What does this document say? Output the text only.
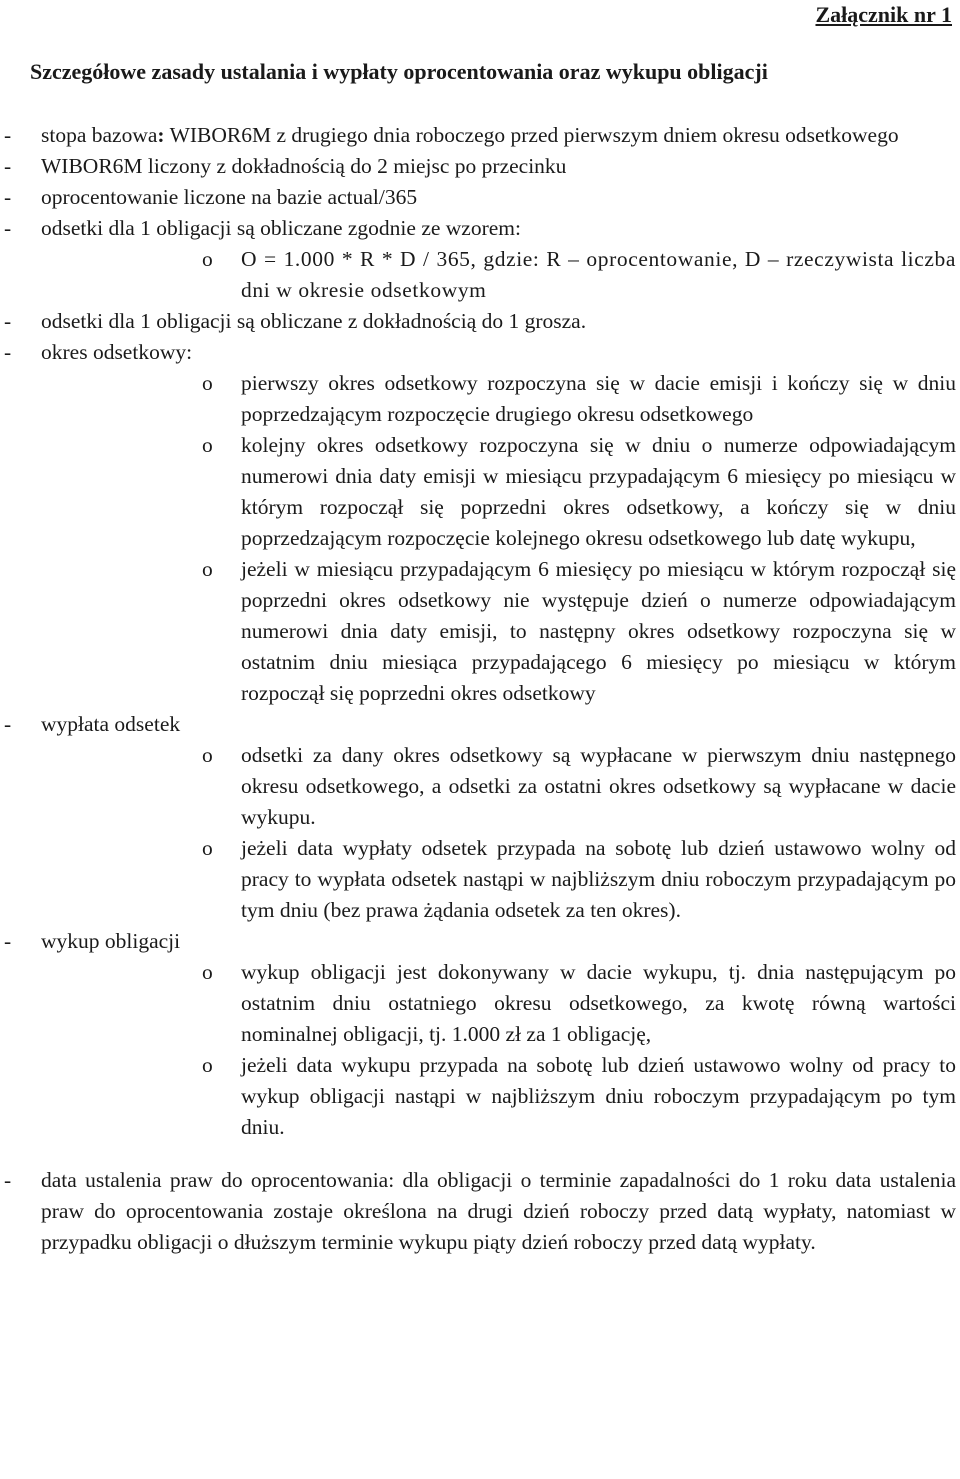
Załącznik nr 1
Szczegółowe zasady ustalania i wypłaty oprocentowania oraz wykupu obligacji
- stopa bazowa: WIBOR6M z drugiego dnia roboczego przed pierwszym dniem okresu odsetkowego
- WIBOR6M liczony z dokładnością do 2 miejsc po przecinku
- oprocentowanie liczone na bazie actual/365
- odsetki dla 1 obligacji są obliczane zgodnie ze wzorem:
o O = 1.000 * R * D / 365, gdzie: R – oprocentowanie, D – rzeczywista liczba dni w okresie odsetkowym
- odsetki dla 1 obligacji są obliczane z dokładnością do 1 grosza.
- okres odsetkowy:
o pierwszy okres odsetkowy rozpoczyna się w dacie emisji i kończy się w dniu poprzedzającym rozpoczęcie drugiego okresu odsetkowego
o kolejny okres odsetkowy rozpoczyna się w dniu o numerze odpowiadającym numerowi dnia daty emisji w miesiącu przypadającym 6 miesięcy po miesiącu w którym rozpoczął się poprzedni okres odsetkowy, a kończy się w dniu poprzedzającym rozpoczęcie kolejnego okresu odsetkowego lub datę wykupu,
o jeżeli w miesiącu przypadającym 6 miesięcy po miesiącu w którym rozpoczął się poprzedni okres odsetkowy nie występuje dzień o numerze odpowiadającym numerowi dnia daty emisji, to następny okres odsetkowy rozpoczyna się w ostatnim dniu miesiąca przypadającego 6 miesięcy po miesiącu w którym rozpoczął się poprzedni okres odsetkowy
- wypłata odsetek
o odsetki za dany okres odsetkowy są wypłacane w pierwszym dniu następnego okresu odsetkowego, a odsetki za ostatni okres odsetkowy są wypłacane w dacie wykupu.
o jeżeli data wypłaty odsetek przypada na sobotę lub dzień ustawowo wolny od pracy to wypłata odsetek nastąpi w najbliższym dniu roboczym przypadającym po tym dniu (bez prawa żądania odsetek za ten okres).
- wykup obligacji
o wykup obligacji jest dokonywany w dacie wykupu, tj. dnia następującym po ostatnim dniu ostatniego okresu odsetkowego, za kwotę równą wartości nominalnej obligacji, tj. 1.000 zł za 1 obligację,
o jeżeli data wykupu przypada na sobotę lub dzień ustawowo wolny od pracy to wykup obligacji nastąpi w najbliższym dniu roboczym przypadającym po tym dniu.
- data ustalenia praw do oprocentowania: dla obligacji o terminie zapadalności do 1 roku data ustalenia praw do oprocentowania zostaje określona na drugi dzień roboczy przed datą wypłaty, natomiast w przypadku obligacji o dłuższym terminie wykupu piąty dzień roboczy przed datą wypłaty.
